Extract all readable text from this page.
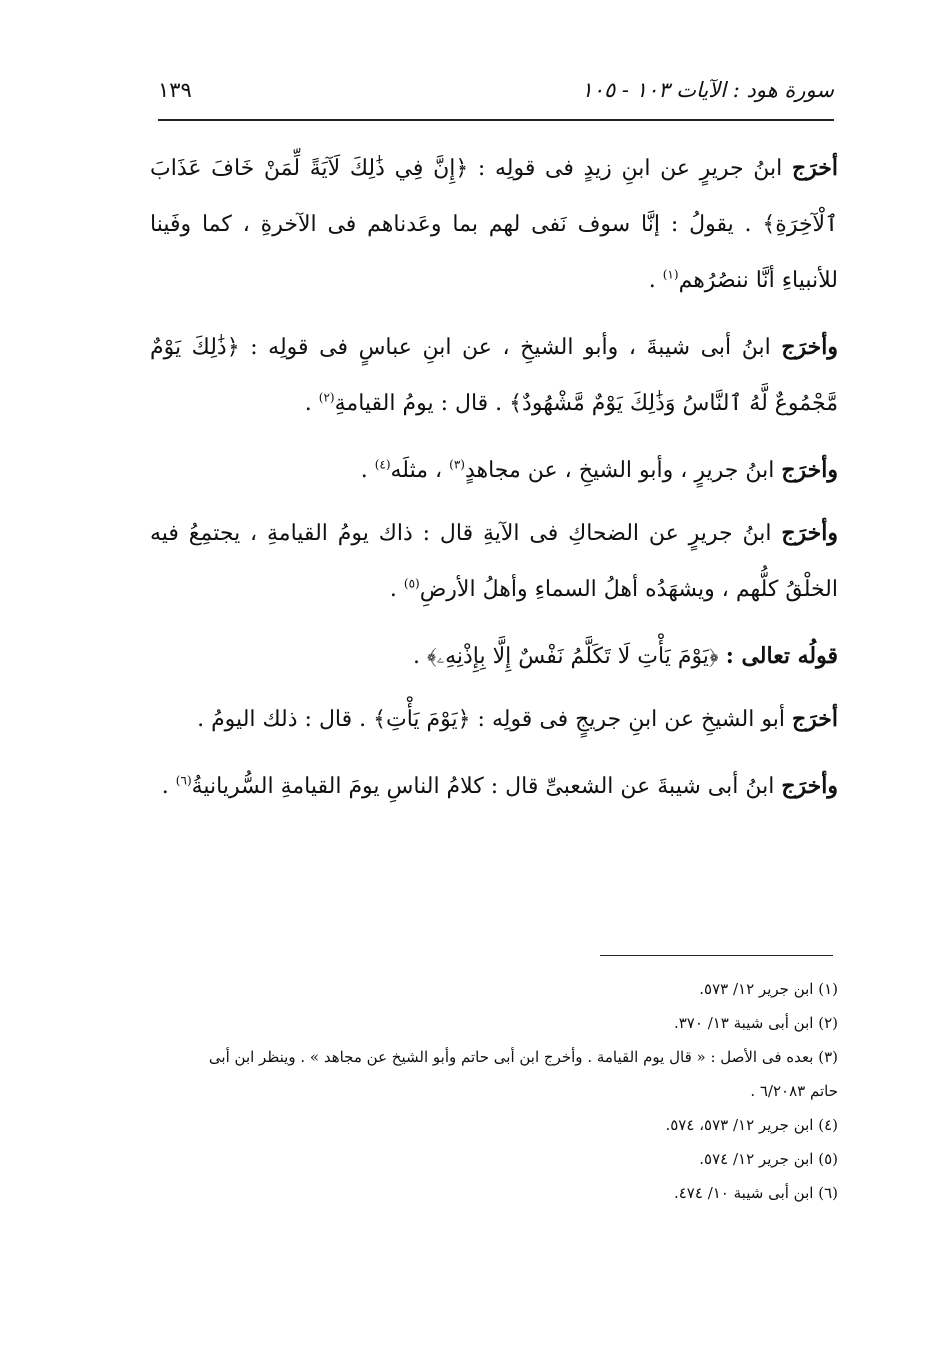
سورة هود : الآيات ١٠٣ - ١٠٥
١٣٩

أخرَج ابنُ جريرٍ عن ابنِ زيدٍ فى قولِه : ﴿إِنَّ فِي ذَٰلِكَ لَآيَةً لِّمَنْ خَافَ عَذَابَ ٱلْآخِرَةِ﴾ . يقولُ : إنَّا سوف نَفى لهم بما وعَدناهم فى الآخرةِ ، كما وفَينا للأنبياءِ أنَّا ننصُرُهم$^{(١)}$ .

وأخرَج ابنُ أبى شيبةَ ، وأبو الشيخِ ، عن ابنِ عباسٍ فى قولِه : ﴿ذَٰلِكَ يَوْمٌ مَّجْمُوعٌ لَّهُ ٱلنَّاسُ وَذَٰلِكَ يَوْمٌ مَّشْهُودٌ﴾ . قال : يومُ القيامةِ$^{(٢)}$ .

وأخرَج ابنُ جريرٍ ، وأبو الشيخِ ، عن مجاهدٍ$^{(٣)}$ ، مثلَه$^{(٤)}$ .

وأخرَج ابنُ جريرٍ عن الضحاكِ فى الآيةِ قال : ذاك يومُ القيامةِ ، يجتمِعُ فيه الخلْقُ كلُّهم ، ويشهَدُه أهلُ السماءِ وأهلُ الأرضِ$^{(٥)}$ .

قولُه تعالى : ﴿يَوْمَ يَأْتِ لَا تَكَلَّمُ نَفْسٌ إِلَّا بِإِذْنِهِۦ﴾ .

أخرَج أبو الشيخِ عن ابنِ جريجٍ فى قولِه : ﴿يَوْمَ يَأْتِ﴾ . قال : ذلك اليومُ .

وأخرَج ابنُ أبى شيبةَ عن الشعبىِّ قال : كلامُ الناسِ يومَ القيامةِ السُّريانيةُ$^{(٦)}$ .

(١) ابن جرير ١٢/ ٥٧٣.

(٢) ابن أبى شيبة ١٣/ ٣٧٠.

(٣) بعده فى الأصل : « قال يوم القيامة . وأخرج ابن أبى حاتم وأبو الشيخ عن مجاهد » . وينظر ابن أبى

حاتم ٦/٢٠٨٣ .

(٤) ابن جرير ١٢/ ٥٧٣، ٥٧٤.

(٥) ابن جرير ١٢/ ٥٧٤.

(٦) ابن أبى شيبة ١٠/ ٤٧٤.
